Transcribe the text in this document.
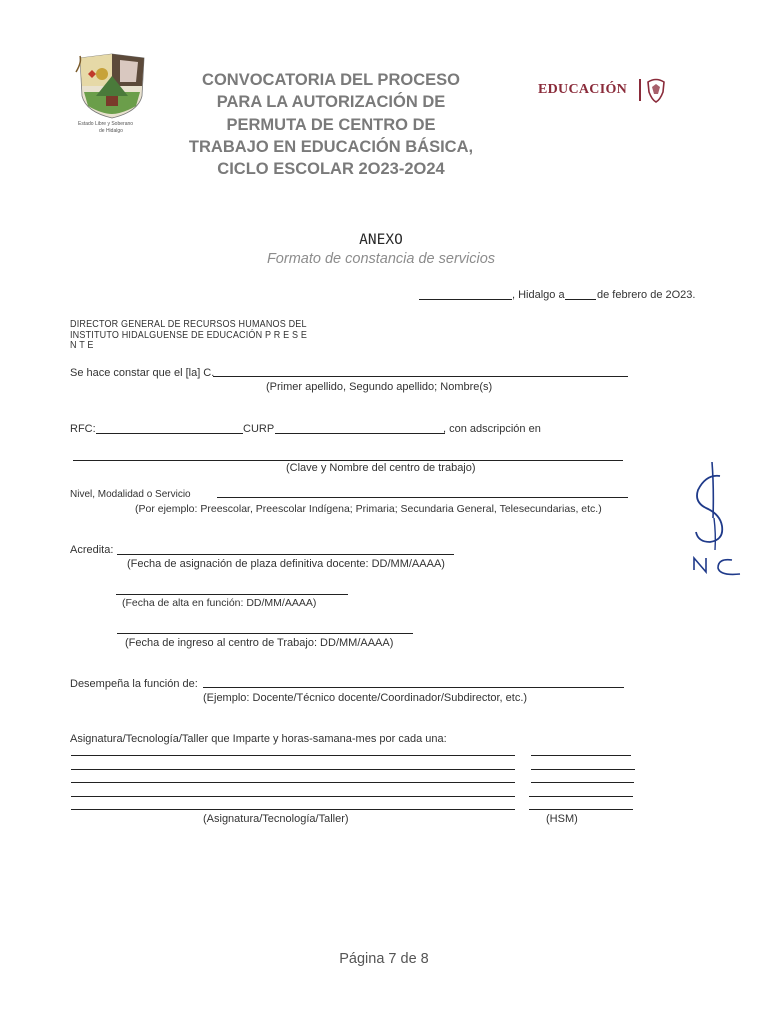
Estado Libre y Soberano
de Hidalgo
CONVOCATORIA DEL PROCESO
PARA LA AUTORIZACIÓN DE
PERMUTA DE CENTRO DE
TRABAJO EN EDUCACIÓN BÁSICA,
CICLO ESCOLAR 2O23-2O24
EDUCACIÓN
ANEXO
Formato de constancia de servicios
, Hidalgo a	de febrero de 2O23.
DIRECTOR GENERAL DE RECURSOS HUMANOS DEL
INSTITUTO HIDALGUENSE DE EDUCACIÓN P R E S E
N T E
Se hace constar que el [la] C.
(Primer apellido, Segundo apellido; Nombre(s)
RFC:	CURP	, con adscripción en
(Clave y Nombre del centro de trabajo)
Nivel, Modalidad o Servicio
(Por ejemplo: Preescolar, Preescolar Indígena; Primaria; Secundaria General, Telesecundarias, etc.)
Acredita:
(Fecha de asignación de plaza definitiva docente: DD/MM/AAAA)
(Fecha de alta en función: DD/MM/AAAA)
(Fecha de ingreso al centro de Trabajo: DD/MM/AAAA)
Desempeña la función de:
(Ejemplo: Docente/Técnico docente/Coordinador/Subdirector, etc.)
Asignatura/Tecnología/Taller que Imparte y horas-samana-mes por cada una:
(Asignatura/Tecnología/Taller)	(HSM)
Página 7 de 8
